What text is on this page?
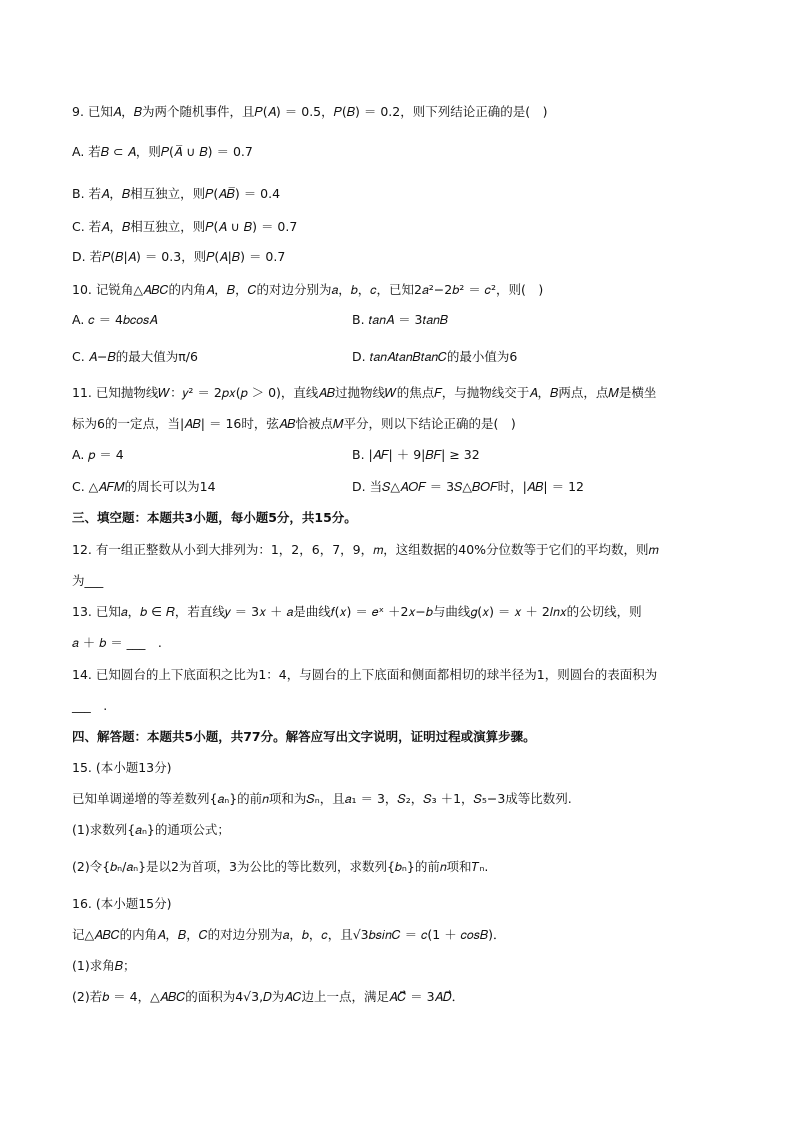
9. 已知𝐴，𝐵为两个随机事件，且𝑃(𝐴) ＝ 0.5，𝑃(𝐵) ＝ 0.2，则下列结论正确的是(　)
A. 若𝐵 ⊂ 𝐴，则𝑃(𝐴̅ ∪ 𝐵) ＝ 0.7
B. 若𝐴，𝐵相互独立，则𝑃(𝐴𝐵̅) ＝ 0.4
C. 若𝐴，𝐵相互独立，则𝑃(𝐴 ∪ 𝐵) ＝ 0.7
D. 若𝑃(𝐵|𝐴) ＝ 0.3，则𝑃(𝐴|𝐵) ＝ 0.7
10. 记锐角△𝐴𝐵𝐶的内角𝐴，𝐵，𝐶的对边分别为𝑎，𝑏，𝑐，已知2𝑎²−2𝑏² ＝ 𝑐²，则(　)
A. 𝑐 ＝ 4𝑏𝑐𝑜𝑠𝐴	B. 𝑡𝑎𝑛𝐴 ＝ 3𝑡𝑎𝑛𝐵
C. 𝐴−𝐵的最大值为π/6	D. 𝑡𝑎𝑛𝐴𝑡𝑎𝑛𝐵𝑡𝑎𝑛𝐶的最小值为6
11. 已知抛物线𝑊：𝑦² ＝ 2𝑝𝑥(𝑝 ＞ 0)，直线𝐴𝐵过抛物线𝑊的焦点𝐹，与抛物线交于𝐴，𝐵两点，点𝑀是横坐
标为6的一定点，当|𝐴𝐵| ＝ 16时，弦𝐴𝐵恰被点𝑀平分，则以下结论正确的是(　)
A. 𝑝 ＝ 4	B. |𝐴𝐹| ＋ 9|𝐵𝐹| ≥ 32
C. △𝐴𝐹𝑀的周长可以为14	D. 当𝑆△𝐴𝑂𝐹 ＝ 3𝑆△𝐵𝑂𝐹时，|𝐴𝐵| ＝ 12
三、填空题：本题共3小题，每小题5分，共15分。
12. 有一组正整数从小到大排列为：1，2，6，7，9，𝑚，这组数据的40%分位数等于它们的平均数，则𝑚
为___
13. 已知𝑎，𝑏 ∈ 𝑅，若直线𝑦 ＝ 3𝑥 ＋ 𝑎是曲线𝑓(𝑥) ＝ 𝑒ˣ ＋2𝑥−𝑏与曲线𝑔(𝑥) ＝ 𝑥 ＋ 2𝑙𝑛𝑥的公切线，则
𝑎 ＋ 𝑏 ＝ ___　.
14. 已知圆台的上下底面积之比为1：4，与圆台的上下底面和侧面都相切的球半径为1，则圆台的表面积为
___　.
四、解答题：本题共5小题，共77分。解答应写出文字说明，证明过程或演算步骤。
15. (本小题13分)
已知单调递增的等差数列{𝑎ₙ}的前𝑛项和为𝑆ₙ，且𝑎₁ ＝ 3，𝑆₂，𝑆₃ ＋1，𝑆₅−3成等比数列.
(1)求数列{𝑎ₙ}的通项公式；
(2)令{𝑏ₙ/𝑎ₙ}是以2为首项，3为公比的等比数列，求数列{𝑏ₙ}的前𝑛项和𝑇ₙ.
16. (本小题15分)
记△𝐴𝐵𝐶的内角𝐴，𝐵，𝐶的对边分别为𝑎，𝑏，𝑐，且√3𝑏𝑠𝑖𝑛𝐶 ＝ 𝑐(1 ＋ 𝑐𝑜𝑠𝐵)．
(1)求角𝐵；
(2)若𝑏 ＝ 4，△𝐴𝐵𝐶的面积为4√3,𝐷为𝐴𝐶边上一点，满足𝐴𝐶⃗ ＝ 3𝐴𝐷⃗．
